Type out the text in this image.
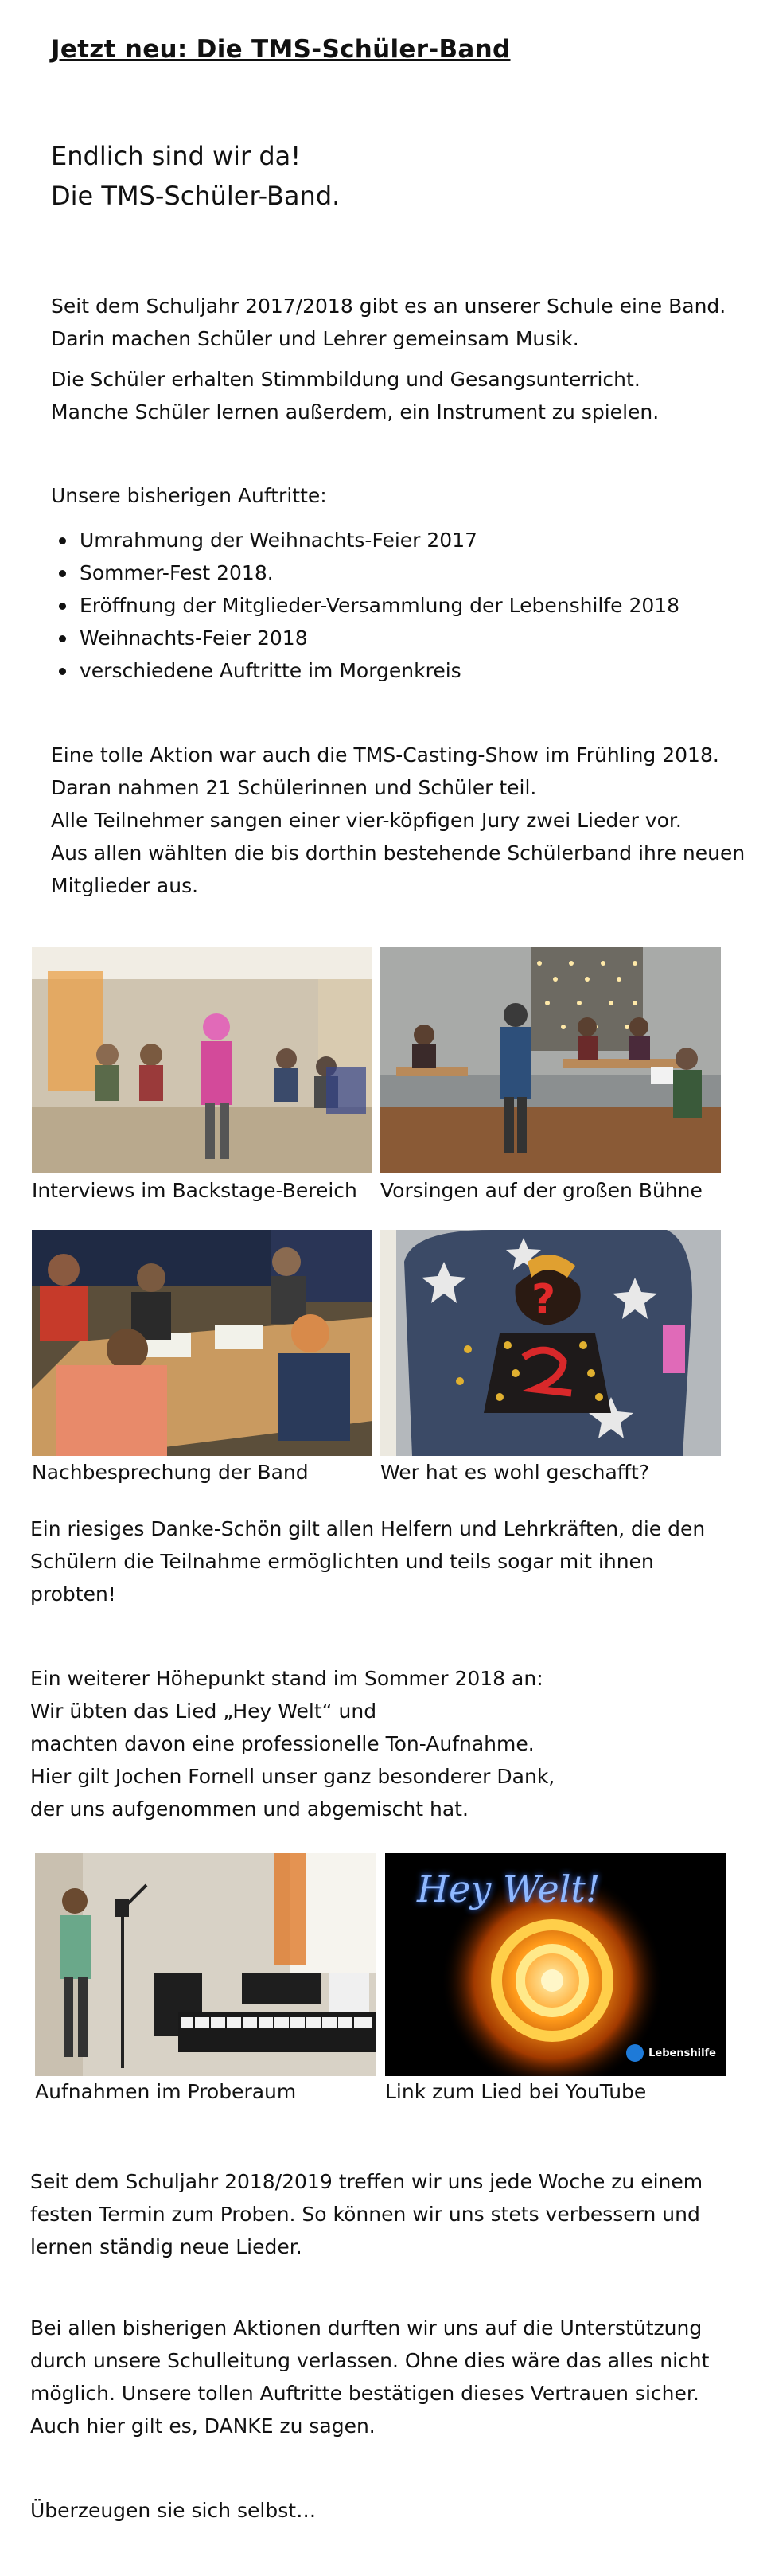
Jetzt neu: Die TMS-Schüler-Band
Endlich sind wir da!
Die TMS-Schüler-Band.
Seit dem Schuljahr 2017/2018 gibt es an unserer Schule eine Band.
Darin machen Schüler und Lehrer gemeinsam Musik.
Die Schüler erhalten Stimmbildung und Gesangsunterricht.
Manche Schüler lernen außerdem, ein Instrument zu spielen.
Unsere bisherigen Auftritte:
Umrahmung der Weihnachts-Feier 2017
Sommer-Fest 2018.
Eröffnung der Mitglieder-Versammlung der Lebenshilfe 2018
Weihnachts-Feier 2018
verschiedene Auftritte im Morgenkreis
Eine tolle Aktion war auch die TMS-Casting-Show im Frühling 2018.
Daran nahmen 21 Schülerinnen und Schüler teil.
Alle Teilnehmer sangen einer vier-köpfigen Jury zwei Lieder vor.
Aus allen wählten die bis dorthin bestehende Schülerband ihre neuen
Mitglieder aus.
Interviews im Backstage-Bereich Vorsingen auf der großen Bühne
Nachbesprechung der Band
?
Wer hat es wohl geschafft?
Ein riesiges Danke-Schön gilt allen Helfern und Lehrkräften, die den
Schülern die Teilnahme ermöglichten und teils sogar mit ihnen
probten!
Ein weiterer Höhepunkt stand im Sommer 2018 an:
Wir übten das Lied „Hey Welt“ und
machten davon eine professionelle Ton-Aufnahme.
Hier gilt Jochen Fornell unser ganz besonderer Dank,
der uns aufgenommen und abgemischt hat.
Aufnahmen im Proberaum
Hey Welt!
Lebenshilfe
Link zum Lied bei YouTube
Seit dem Schuljahr 2018/2019 treffen wir uns jede Woche zu einem
festen Termin zum Proben. So können wir uns stets verbessern und
lernen ständig neue Lieder.
Bei allen bisherigen Aktionen durften wir uns auf die Unterstützung
durch unsere Schulleitung verlassen. Ohne dies wäre das alles nicht
möglich. Unsere tollen Auftritte bestätigen dieses Vertrauen sicher.
Auch hier gilt es, DANKE zu sagen.
Überzeugen sie sich selbst…
